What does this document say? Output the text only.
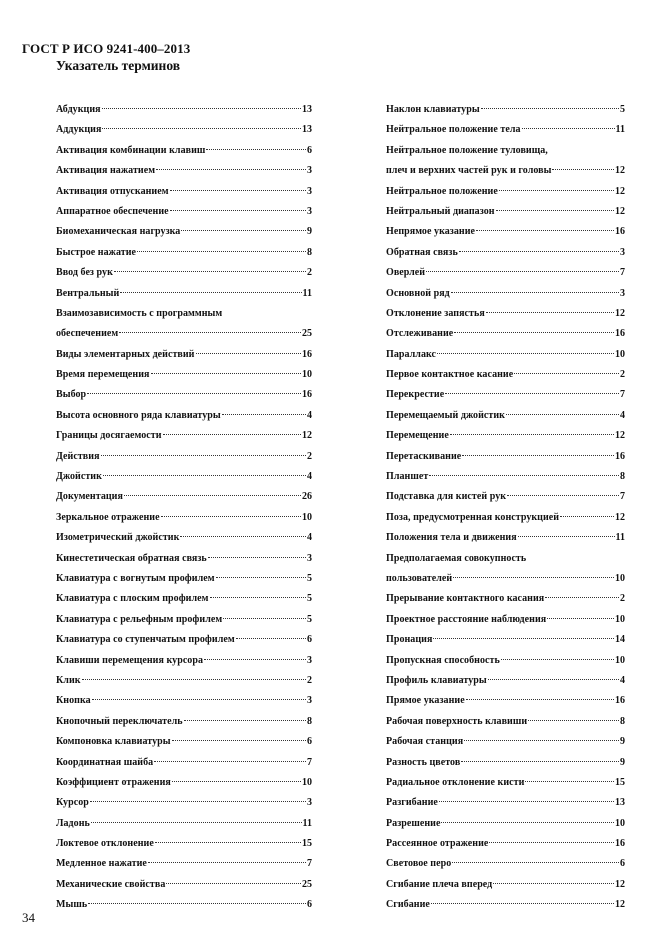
ГОСТ Р ИСО 9241-400–2013
Указатель терминов
Абдукция	13
Аддукция	13
Активация комбинации клавиш	6
Активация нажатием	3
Активация отпусканием	3
Аппаратное обеспечение	3
Биомеханическая нагрузка	9
Быстрое нажатие	8
Ввод без рук	2
Вентральный	11
Взаимозависимость с программным
обеспечением	25
Виды элементарных действий	16
Время перемещения	10
Выбор	16
Высота основного ряда клавиатуры	4
Границы досягаемости	12
Действия	2
Джойстик	4
Документация	26
Зеркальное отражение	10
Изометрический джойстик	4
Кинестетическая обратная связь	3
Клавиатура с вогнутым профилем	5
Клавиатура с плоским профилем	5
Клавиатура с рельефным профилем	5
Клавиатура со ступенчатым профилем	6
Клавиши перемещения курсора	3
Клик	2
Кнопка	3
Кнопочный переключатель	8
Компоновка клавиатуры	6
Координатная шайба	7
Коэффициент отражения	10
Курсор	3
Ладонь	11
Локтевое отклонение	15
Медленное нажатие	7
Механические свойства	25
Мышь	6
Наклон клавиатуры	5
Нейтральное положение тела	11
Нейтральное положение туловища,
плеч и верхних частей рук и головы	12
Нейтральное положение	12
Нейтральный диапазон	12
Непрямое указание	16
Обратная связь	3
Оверлей	7
Основной ряд	3
Отклонение запястья	12
Отслеживание	16
Параллакс	10
Первое контактное касание	2
Перекрестие	7
Перемещаемый джойстик	4
Перемещение	12
Перетаскивание	16
Планшет	8
Подставка для кистей рук	7
Поза, предусмотренная конструкцией	12
Положения тела и движения	11
Предполагаемая совокупность
пользователей	10
Прерывание контактного касания	2
Проектное расстояние наблюдения	10
Пронация	14
Пропускная способность	10
Профиль клавиатуры	4
Прямое указание	16
Рабочая поверхность клавиши	8
Рабочая станция	9
Разность цветов	9
Радиальное отклонение кисти	15
Разгибание	13
Разрешение	10
Рассеянное отражение	16
Световое перо	6
Сгибание плеча вперед	12
Сгибание	12
34
